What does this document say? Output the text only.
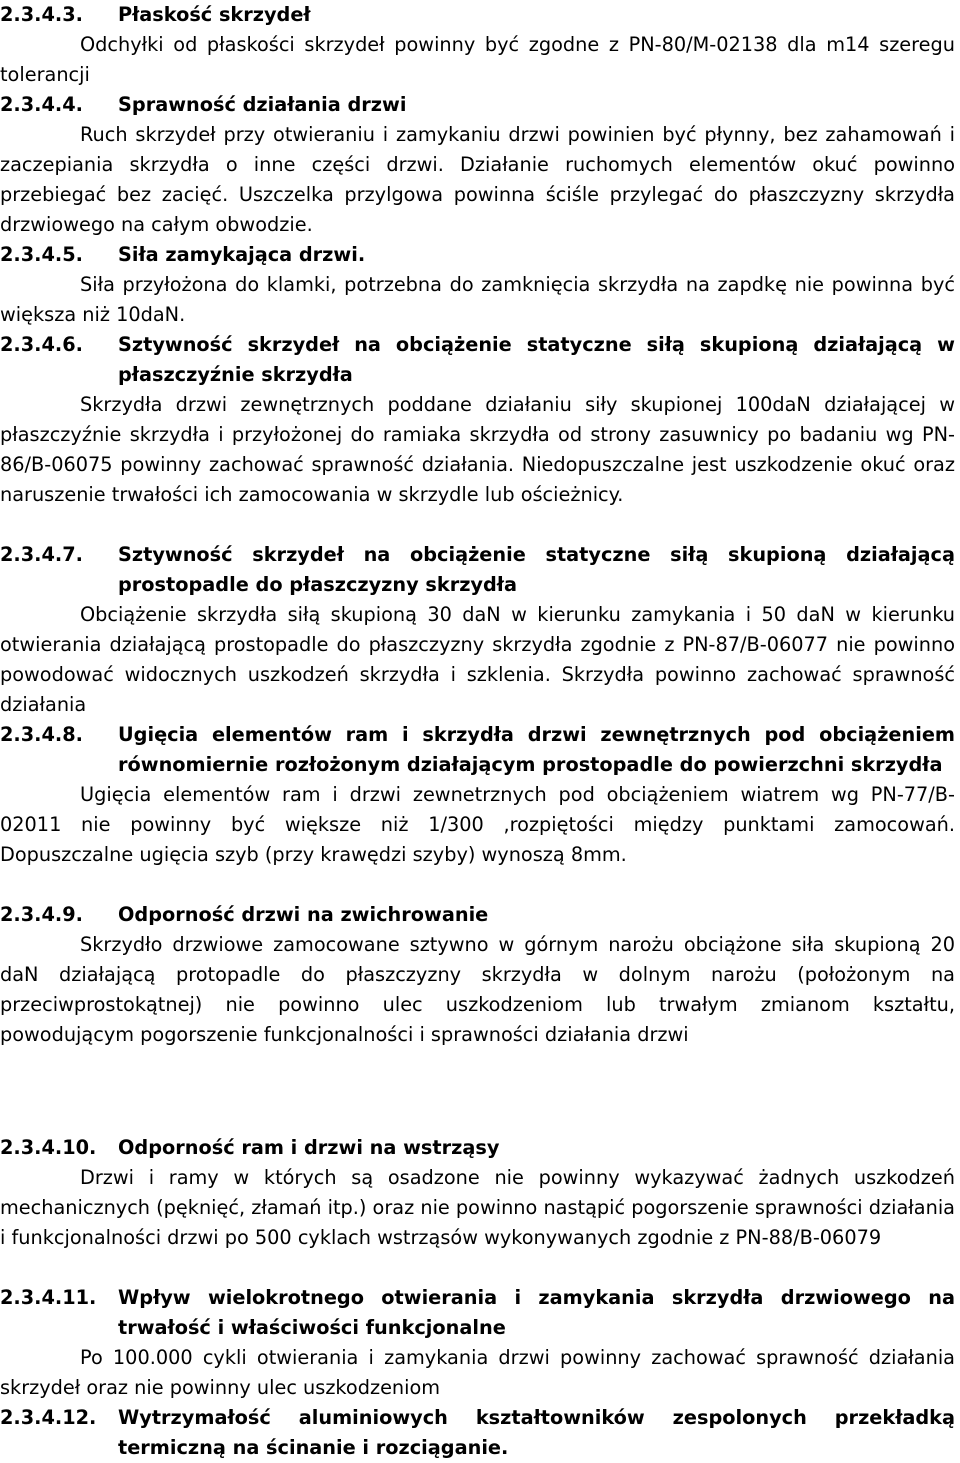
2.3.4.3. Płaskość skrzydeł
Odchyłki od płaskości skrzydeł powinny być zgodne z PN-80/M-02138 dla m14 szeregu tolerancji
2.3.4.4. Sprawność działania drzwi
Ruch skrzydeł przy otwieraniu i zamykaniu drzwi powinien być płynny, bez zahamowań i zaczepiania skrzydła o inne części drzwi. Działanie ruchomych elementów okuć powinno przebiegać bez zacięć. Uszczelka przylgowa powinna ściśle przylegać do płaszczyzny skrzydła drzwiowego na całym obwodzie.
2.3.4.5. Siła zamykająca drzwi.
Siła przyłożona do klamki, potrzebna do zamknięcia skrzydła na zapdkę nie powinna być większa niż 10daN.
2.3.4.6. Sztywność skrzydeł na obciążenie statyczne siłą skupioną działającą w płaszczyźnie skrzydła
Skrzydła drzwi zewnętrznych poddane działaniu siły skupionej 100daN działającej w płaszczyźnie skrzydła i przyłożonej do ramiaka skrzydła od strony zasuwnicy po badaniu wg PN-86/B-06075 powinny zachować sprawność działania. Niedopuszczalne jest uszkodzenie okuć oraz naruszenie trwałości ich zamocowania w skrzydle lub ościeżnicy.
2.3.4.7. Sztywność skrzydeł na obciążenie statyczne siłą skupioną działającą prostopadle do płaszczyzny skrzydła
Obciążenie skrzydła siłą skupioną 30 daN w kierunku zamykania i 50 daN w kierunku otwierania działającą prostopadle do płaszczyzny skrzydła zgodnie z PN-87/B-06077 nie powinno powodować widocznych uszkodzeń skrzydła i szklenia. Skrzydła powinno zachować sprawność działania
2.3.4.8. Ugięcia elementów ram i skrzydła drzwi zewnętrznych pod obciążeniem równomiernie rozłożonym działającym prostopadle do powierzchni skrzydła
Ugięcia elementów ram i drzwi zewnetrznych pod obciążeniem wiatrem wg PN-77/B-02011 nie powinny być większe niż 1/300 ,rozpiętości między punktami zamocowań. Dopuszczalne ugięcia szyb (przy krawędzi szyby) wynoszą 8mm.
2.3.4.9. Odporność drzwi na zwichrowanie
Skrzydło drzwiowe zamocowane sztywno w górnym narożu obciążone siła skupioną 20 daN działającą protopadle do płaszczyzny skrzydła w dolnym narożu (położonym na przeciwprostokątnej) nie powinno ulec uszkodzeniom lub trwałym zmianom kształtu, powodującym pogorszenie funkcjonalności i sprawności działania drzwi
2.3.4.10. Odporność ram i drzwi na wstrząsy
Drzwi i ramy w których są osadzone nie powinny wykazywać żadnych uszkodzeń mechanicznych (pęknięć, złamań itp.) oraz nie powinno nastąpić pogorszenie sprawności działania i funkcjonalności drzwi po 500 cyklach wstrząsów wykonywanych zgodnie z PN-88/B-06079
2.3.4.11. Wpływ wielokrotnego otwierania i zamykania skrzydła drzwiowego na trwałość i właściwości funkcjonalne
Po 100.000 cykli otwierania i zamykania drzwi powinny zachować sprawność działania skrzydeł oraz nie powinny ulec uszkodzeniom
2.3.4.12. Wytrzymałość aluminiowych kształtowników zespolonych przekładką termiczną na ścinanie i rozciąganie.
